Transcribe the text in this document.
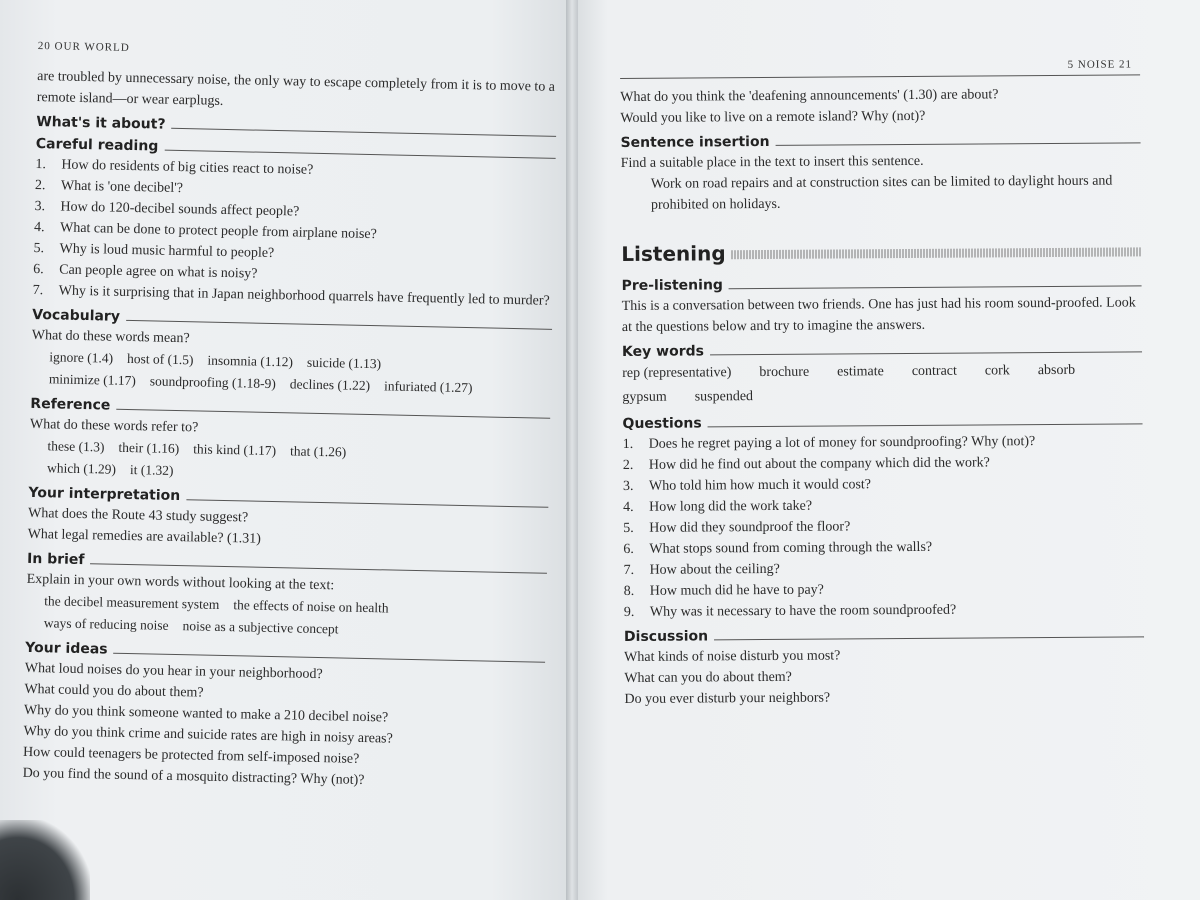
20 OUR WORLD
are troubled by unnecessary noise, the only way to escape completely from it is to move to a remote island—or wear earplugs.
What's it about?
Careful reading
1.	How do residents of big cities react to noise?
2.	What is 'one decibel'?
3.	How do 120-decibel sounds affect people?
4.	What can be done to protect people from airplane noise?
5.	Why is loud music harmful to people?
6.	Can people agree on what is noisy?
7.	Why is it surprising that in Japan neighborhood quarrels have frequently led to murder?
Vocabulary
What do these words mean?
ignore (1.4) host of (1.5) insomnia (1.12) suicide (1.13)
minimize (1.17) soundproofing (1.18-9) declines (1.22) infuriated (1.27)
Reference
What do these words refer to?
these (1.3) their (1.16) this kind (1.17) that (1.26)
which (1.29) it (1.32)
Your interpretation
What does the Route 43 study suggest?
What legal remedies are available? (1.31)
In brief
Explain in your own words without looking at the text:
the decibel measurement system the effects of noise on health
ways of reducing noise noise as a subjective concept
Your ideas
What loud noises do you hear in your neighborhood?
What could you do about them?
Why do you think someone wanted to make a 210 decibel noise?
Why do you think crime and suicide rates are high in noisy areas?
How could teenagers be protected from self-imposed noise?
Do you find the sound of a mosquito distracting? Why (not)?
5 NOISE 21
What do you think the 'deafening announcements' (1.30) are about?
Would you like to live on a remote island? Why (not)?
Sentence insertion
Find a suitable place in the text to insert this sentence.
Work on road repairs and at construction sites can be limited to daylight hours and prohibited on holidays.
Listening
Pre-listening
This is a conversation between two friends. One has just had his room sound-proofed. Look at the questions below and try to imagine the answers.
Key words
rep (representative) brochure estimate contract cork absorb
gypsum suspended
Questions
1.	Does he regret paying a lot of money for soundproofing? Why (not)?
2.	How did he find out about the company which did the work?
3.	Who told him how much it would cost?
4.	How long did the work take?
5.	How did they soundproof the floor?
6.	What stops sound from coming through the walls?
7.	How about the ceiling?
8.	How much did he have to pay?
9.	Why was it necessary to have the room soundproofed?
Discussion
What kinds of noise disturb you most?
What can you do about them?
Do you ever disturb your neighbors?
